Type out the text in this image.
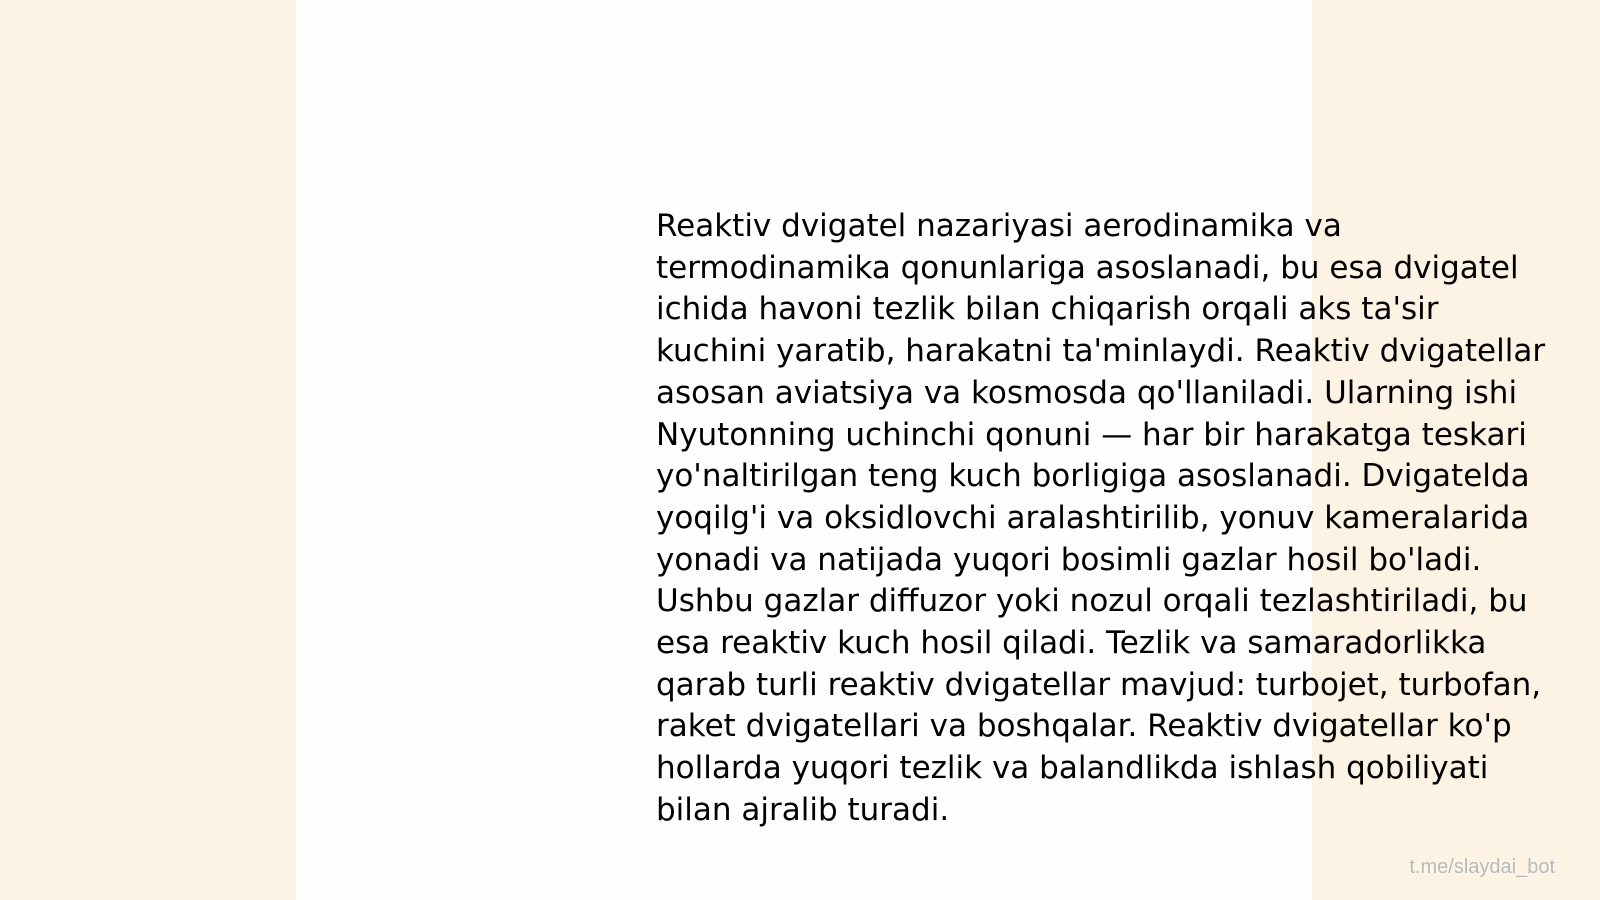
Reaktiv dvigatel nazariyasi aerodinamika va termodinamika qonunlariga asoslanadi, bu esa dvigatel ichida havoni tezlik bilan chiqarish orqali aks ta'sir kuchini yaratib, harakatni ta'minlaydi. Reaktiv dvigatellar asosan aviatsiya va kosmosda qo'llaniladi. Ularning ishi Nyutonning uchinchi qonuni — har bir harakatga teskari yo'naltirilgan teng kuch borligiga asoslanadi. Dvigatelda yoqilg'i va oksidlovchi aralashtirilib, yonuv kameralarida yonadi va natijada yuqori bosimli gazlar hosil bo'ladi. Ushbu gazlar diffuzor yoki nozul orqali tezlashtiriladi, bu esa reaktiv kuch hosil qiladi. Tezlik va samaradorlikka qarab turli reaktiv dvigatellar mavjud: turbojet, turbofan, raket dvigatellari va boshqalar. Reaktiv dvigatellar ko'p hollarda yuqori tezlik va balandlikda ishlash qobiliyati bilan ajralib turadi.

t.me/slaydai_bot
